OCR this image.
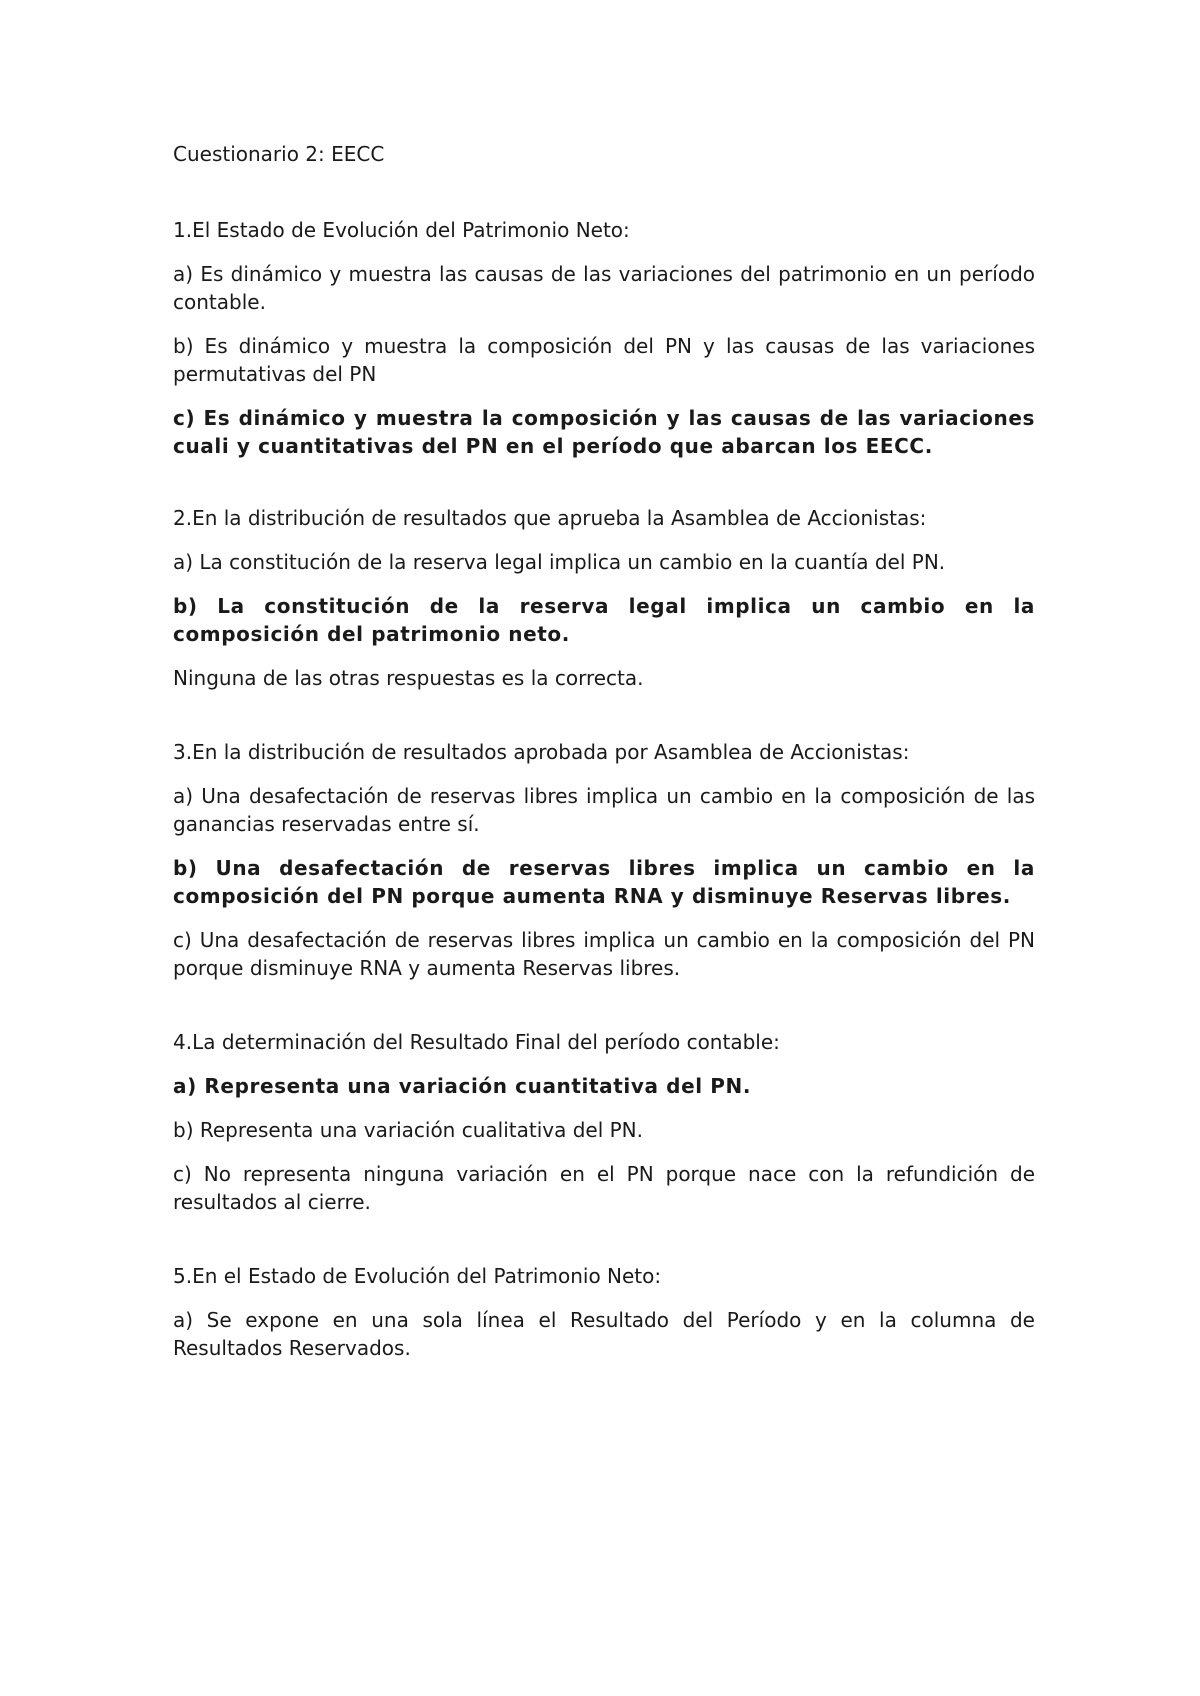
Cuestionario 2: EECC

1.El Estado de Evolución del Patrimonio Neto:

a) Es dinámico y muestra las causas de las variaciones del patrimonio en un período contable.

b) Es dinámico y muestra la composición del PN y las causas de las variaciones permutativas del PN

c) Es dinámico y muestra la composición y las causas de las variaciones cuali y cuantitativas del PN en el período que abarcan los EECC.

2.En la distribución de resultados que aprueba la Asamblea de Accionistas:

a) La constitución de la reserva legal implica un cambio en la cuantía del PN.

b) La constitución de la reserva legal implica un cambio en la composición del patrimonio neto.

Ninguna de las otras respuestas es la correcta.

3.En la distribución de resultados aprobada por Asamblea de Accionistas:

a) Una desafectación de reservas libres implica un cambio en la composición de las ganancias reservadas entre sí.

b) Una desafectación de reservas libres implica un cambio en la composición del PN porque aumenta RNA y disminuye Reservas libres.

c) Una desafectación de reservas libres implica un cambio en la composición del PN porque disminuye RNA y aumenta Reservas libres.

4.La determinación del Resultado Final del período contable:

a) Representa una variación cuantitativa del PN.

b) Representa una variación cualitativa del PN.

c) No representa ninguna variación en el PN porque nace con la refundición de resultados al cierre.

5.En el Estado de Evolución del Patrimonio Neto:

a) Se expone en una sola línea el Resultado del Período y en la columna de Resultados Reservados.
